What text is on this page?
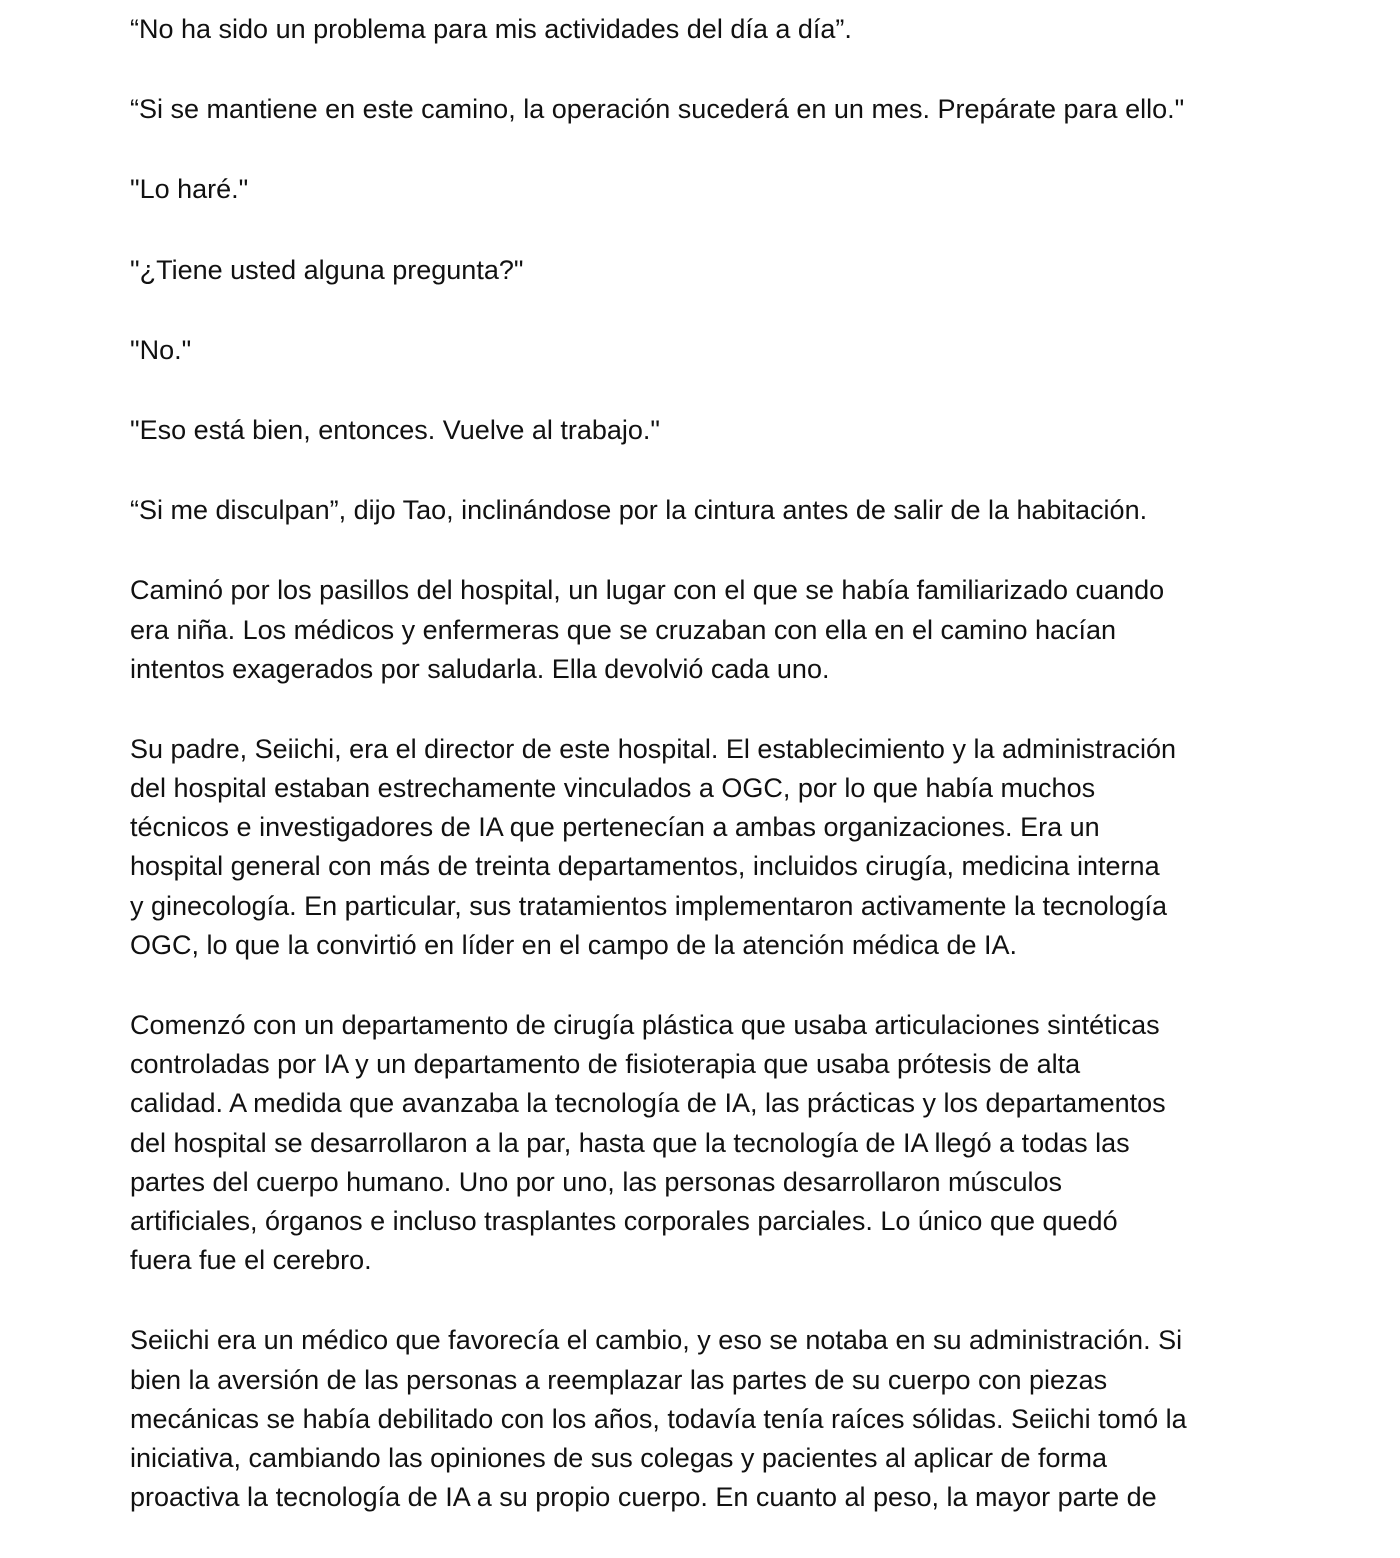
“No ha sido un problema para mis actividades del día a día”.

“Si se mantiene en este camino, la operación sucederá en un mes. Prepárate para ello."

"Lo haré."

"¿Tiene usted alguna pregunta?"

"No."

"Eso está bien, entonces. Vuelve al trabajo."

“Si me disculpan”, dijo Tao, inclinándose por la cintura antes de salir de la habitación.

Caminó por los pasillos del hospital, un lugar con el que se había familiarizado cuando
era niña. Los médicos y enfermeras que se cruzaban con ella en el camino hacían
intentos exagerados por saludarla. Ella devolvió cada uno.

Su padre, Seiichi, era el director de este hospital. El establecimiento y la administración
del hospital estaban estrechamente vinculados a OGC, por lo que había muchos
técnicos e investigadores de IA que pertenecían a ambas organizaciones. Era un
hospital general con más de treinta departamentos, incluidos cirugía, medicina interna
y ginecología. En particular, sus tratamientos implementaron activamente la tecnología
OGC, lo que la convirtió en líder en el campo de la atención médica de IA.

Comenzó con un departamento de cirugía plástica que usaba articulaciones sintéticas
controladas por IA y un departamento de fisioterapia que usaba prótesis de alta
calidad. A medida que avanzaba la tecnología de IA, las prácticas y los departamentos
del hospital se desarrollaron a la par, hasta que la tecnología de IA llegó a todas las
partes del cuerpo humano. Uno por uno, las personas desarrollaron músculos
artificiales, órganos e incluso trasplantes corporales parciales. Lo único que quedó
fuera fue el cerebro.

Seiichi era un médico que favorecía el cambio, y eso se notaba en su administración. Si
bien la aversión de las personas a reemplazar las partes de su cuerpo con piezas
mecánicas se había debilitado con los años, todavía tenía raíces sólidas. Seiichi tomó la
iniciativa, cambiando las opiniones de sus colegas y pacientes al aplicar de forma
proactiva la tecnología de IA a su propio cuerpo. En cuanto al peso, la mayor parte de
